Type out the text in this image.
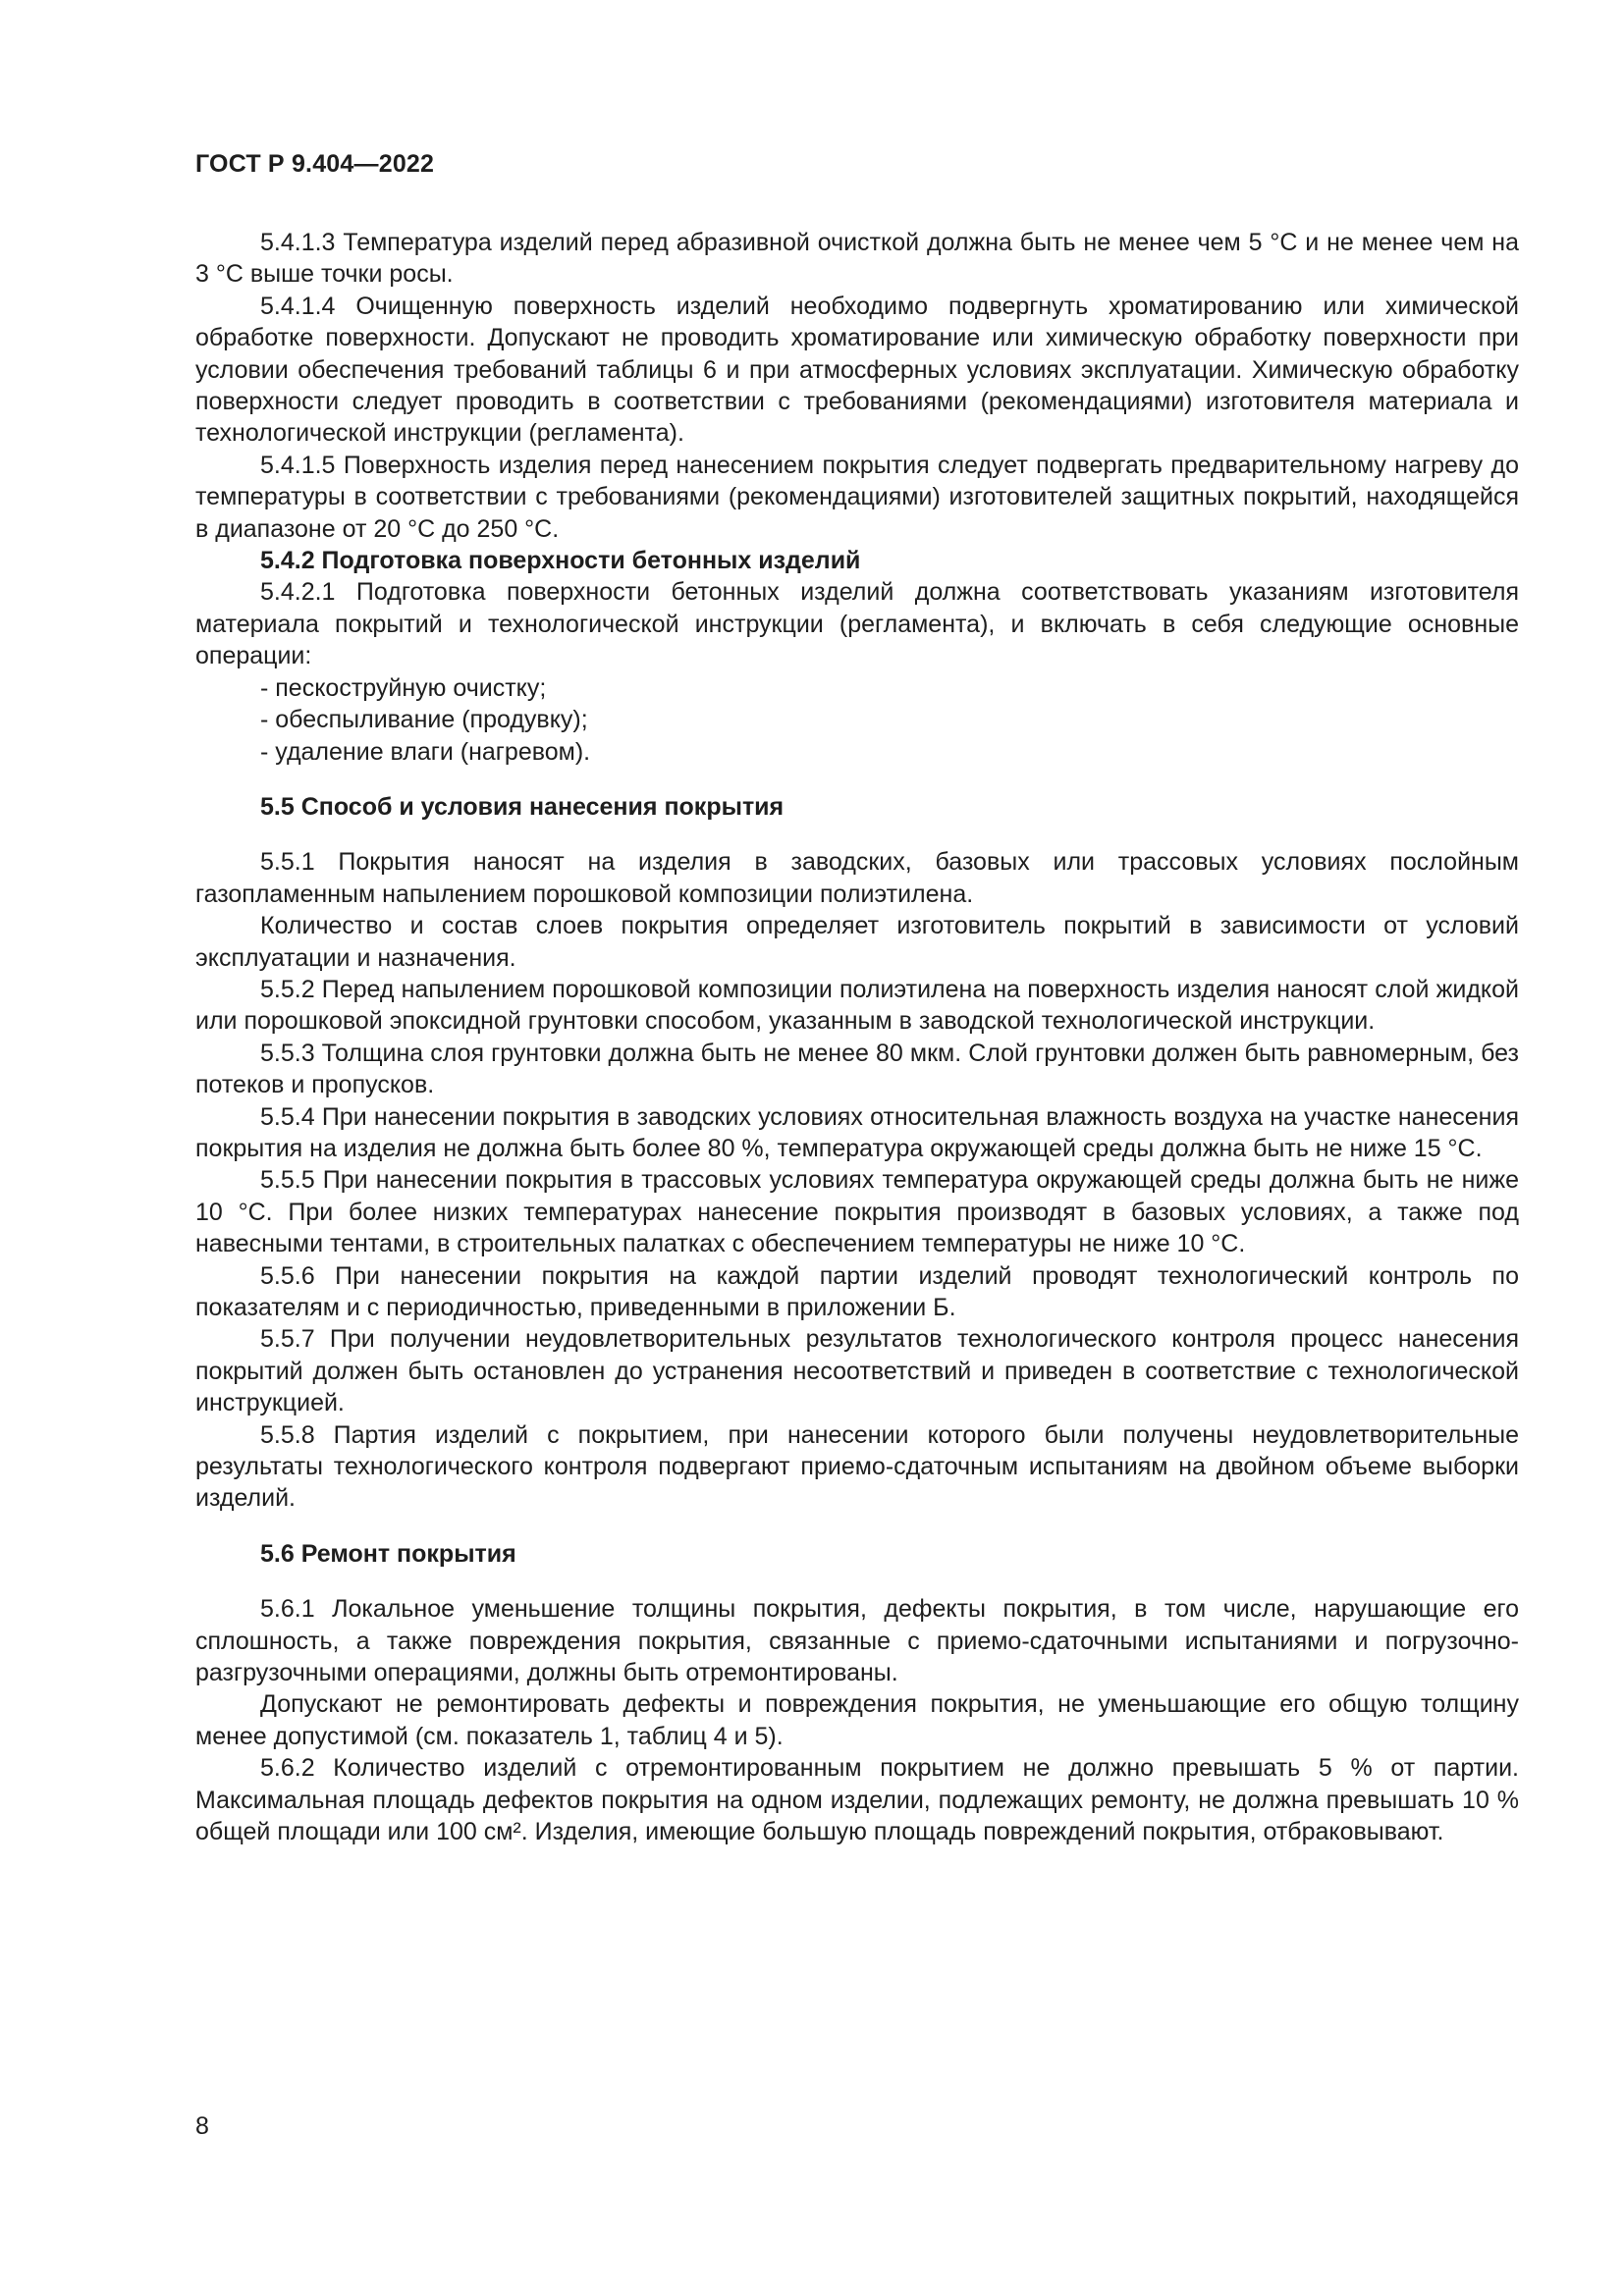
ГОСТ Р 9.404—2022

5.4.1.3 Температура изделий перед абразивной очисткой должна быть не менее чем 5 °С и не менее чем на 3 °С выше точки росы.

5.4.1.4 Очищенную поверхность изделий необходимо подвергнуть хроматированию или химической обработке поверхности. Допускают не проводить хроматирование или химическую обработку поверхности при условии обеспечения требований таблицы 6 и при атмосферных условиях эксплуатации. Химическую обработку поверхности следует проводить в соответствии с требованиями (рекомендациями) изготовителя материала и технологической инструкции (регламента).

5.4.1.5 Поверхность изделия перед нанесением покрытия следует подвергать предварительному нагреву до температуры в соответствии с требованиями (рекомендациями) изготовителей защитных покрытий, находящейся в диапазоне от 20 °С до 250 °С.

5.4.2 Подготовка поверхности бетонных изделий

5.4.2.1 Подготовка поверхности бетонных изделий должна соответствовать указаниям изготовителя материала покрытий и технологической инструкции (регламента), и включать в себя следующие основные операции:

- пескоструйную очистку;

- обеспыливание (продувку);

- удаление влаги (нагревом).

5.5 Способ и условия нанесения покрытия

5.5.1 Покрытия наносят на изделия в заводских, базовых или трассовых условиях послойным газопламенным напылением порошковой композиции полиэтилена.

Количество и состав слоев покрытия определяет изготовитель покрытий в зависимости от условий эксплуатации и назначения.

5.5.2 Перед напылением порошковой композиции полиэтилена на поверхность изделия наносят слой жидкой или порошковой эпоксидной грунтовки способом, указанным в заводской технологической инструкции.

5.5.3 Толщина слоя грунтовки должна быть не менее 80 мкм. Слой грунтовки должен быть равномерным, без потеков и пропусков.

5.5.4 При нанесении покрытия в заводских условиях относительная влажность воздуха на участке нанесения покрытия на изделия не должна быть более 80 %, температура окружающей среды должна быть не ниже 15 °С.

5.5.5 При нанесении покрытия в трассовых условиях температура окружающей среды должна быть не ниже 10 °С. При более низких температурах нанесение покрытия производят в базовых условиях, а также под навесными тентами, в строительных палатках с обеспечением температуры не ниже 10 °С.

5.5.6 При нанесении покрытия на каждой партии изделий проводят технологический контроль по показателям и с периодичностью, приведенными в приложении Б.

5.5.7 При получении неудовлетворительных результатов технологического контроля процесс нанесения покрытий должен быть остановлен до устранения несоответствий и приведен в соответствие с технологической инструкцией.

5.5.8 Партия изделий с покрытием, при нанесении которого были получены неудовлетворительные результаты технологического контроля подвергают приемо-сдаточным испытаниям на двойном объеме выборки изделий.

5.6 Ремонт покрытия

5.6.1 Локальное уменьшение толщины покрытия, дефекты покрытия, в том числе, нарушающие его сплошность, а также повреждения покрытия, связанные с приемо-сдаточными испытаниями и погрузочно-разгрузочными операциями, должны быть отремонтированы.

Допускают не ремонтировать дефекты и повреждения покрытия, не уменьшающие его общую толщину менее допустимой (см. показатель 1, таблиц 4 и 5).

5.6.2 Количество изделий с отремонтированным покрытием не должно превышать 5 % от партии. Максимальная площадь дефектов покрытия на одном изделии, подлежащих ремонту, не должна превышать 10 % общей площади или 100 см². Изделия, имеющие большую площадь повреждений покрытия, отбраковывают.

8
